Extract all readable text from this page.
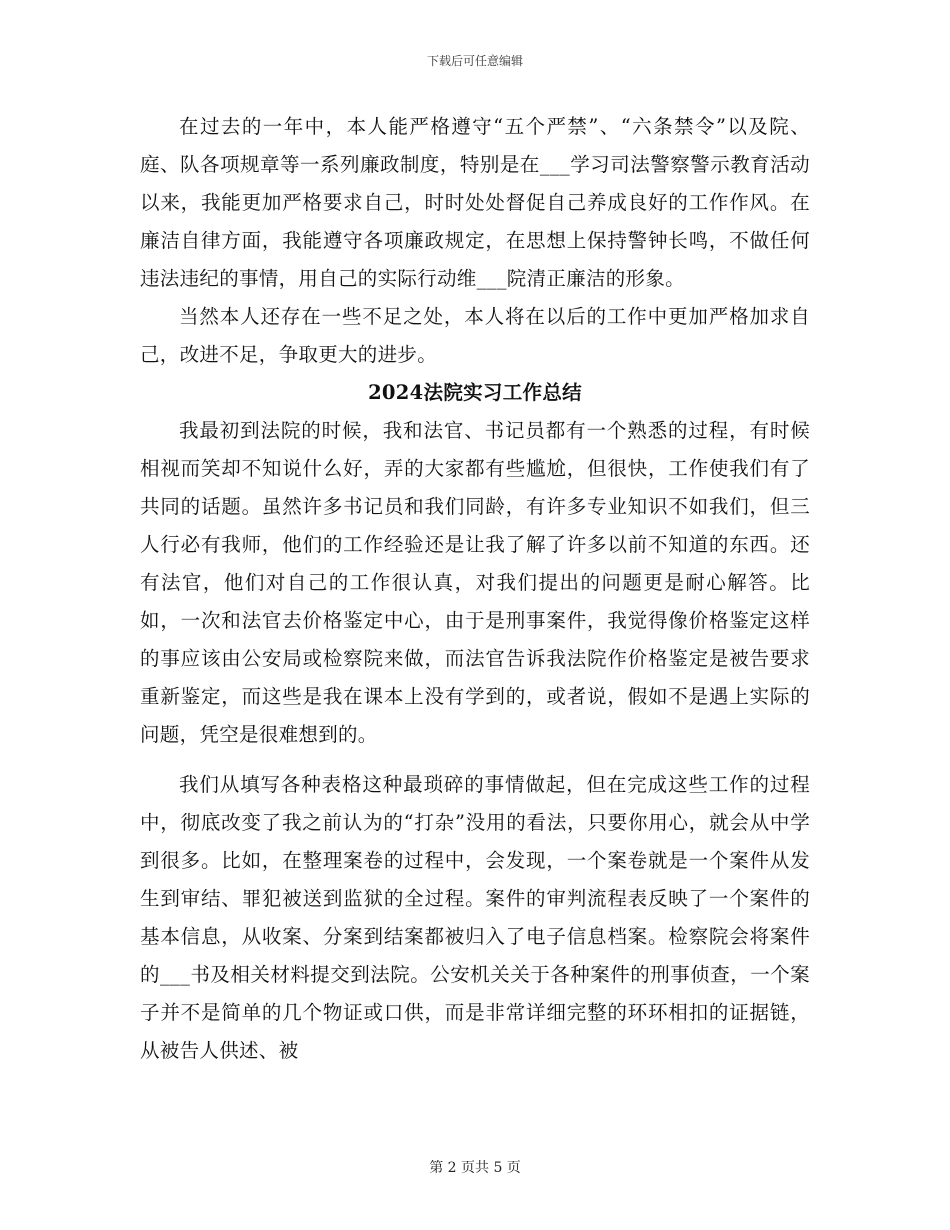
下载后可任意编辑

在过去的一年中，本人能严格遵守“五个严禁”、“六条禁令”以及院、庭、队各项规章等一系列廉政制度，特别是在___学习司法警察警示教育活动以来，我能更加严格要求自己，时时处处督促自己养成良好的工作作风。在廉洁自律方面，我能遵守各项廉政规定，在思想上保持警钟长鸣，不做任何违法违纪的事情，用自己的实际行动维___院清正廉洁的形象。

当然本人还存在一些不足之处，本人将在以后的工作中更加严格加求自己，改进不足，争取更大的进步。

2024法院实习工作总结

我最初到法院的时候，我和法官、书记员都有一个熟悉的过程，有时候相视而笑却不知说什么好，弄的大家都有些尴尬，但很快，工作使我们有了共同的话题。虽然许多书记员和我们同龄，有许多专业知识不如我们，但三人行必有我师，他们的工作经验还是让我了解了许多以前不知道的东西。还有法官，他们对自己的工作很认真，对我们提出的问题更是耐心解答。比如，一次和法官去价格鉴定中心，由于是刑事案件，我觉得像价格鉴定这样的事应该由公安局或检察院来做，而法官告诉我法院作价格鉴定是被告要求重新鉴定，而这些是我在课本上没有学到的，或者说，假如不是遇上实际的问题，凭空是很难想到的。

我们从填写各种表格这种最琐碎的事情做起，但在完成这些工作的过程中，彻底改变了我之前认为的“打杂”没用的看法，只要你用心，就会从中学到很多。比如，在整理案卷的过程中，会发现，一个案卷就是一个案件从发生到审结、罪犯被送到监狱的全过程。案件的审判流程表反映了一个案件的基本信息，从收案、分案到结案都被归入了电子信息档案。检察院会将案件的___书及相关材料提交到法院。公安机关关于各种案件的刑事侦查，一个案子并不是简单的几个物证或口供，而是非常详细完整的环环相扣的证据链，从被告人供述、被

第 2 页共 5 页
